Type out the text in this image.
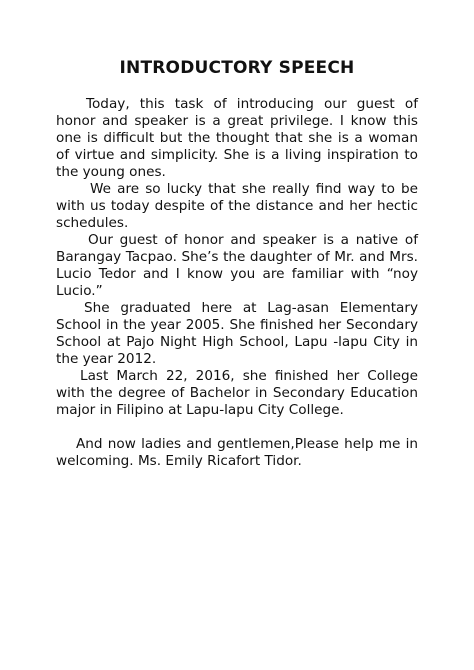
INTRODUCTORY SPEECH

Today, this task of introducing our guest of honor and speaker is a great privilege. I know this one is difficult but the thought that she is a woman of virtue and simplicity. She is a living inspiration to the young ones.

We are so lucky that she really find way to be with us today despite of the distance and her hectic schedules.

Our guest of honor and speaker is a native of Barangay Tacpao. She’s the daughter of Mr. and Mrs. Lucio Tedor and I know you are familiar with “noy Lucio.”

She graduated here at Lag-asan Elementary School in the year 2005. She finished her Secondary School at Pajo Night High School, Lapu -lapu City in the year 2012.

Last March 22, 2016, she finished her College with the degree of Bachelor in Secondary Education major in Filipino at Lapu-lapu City College.

And now ladies and gentlemen,Please help me in welcoming. Ms. Emily Ricafort Tidor.
